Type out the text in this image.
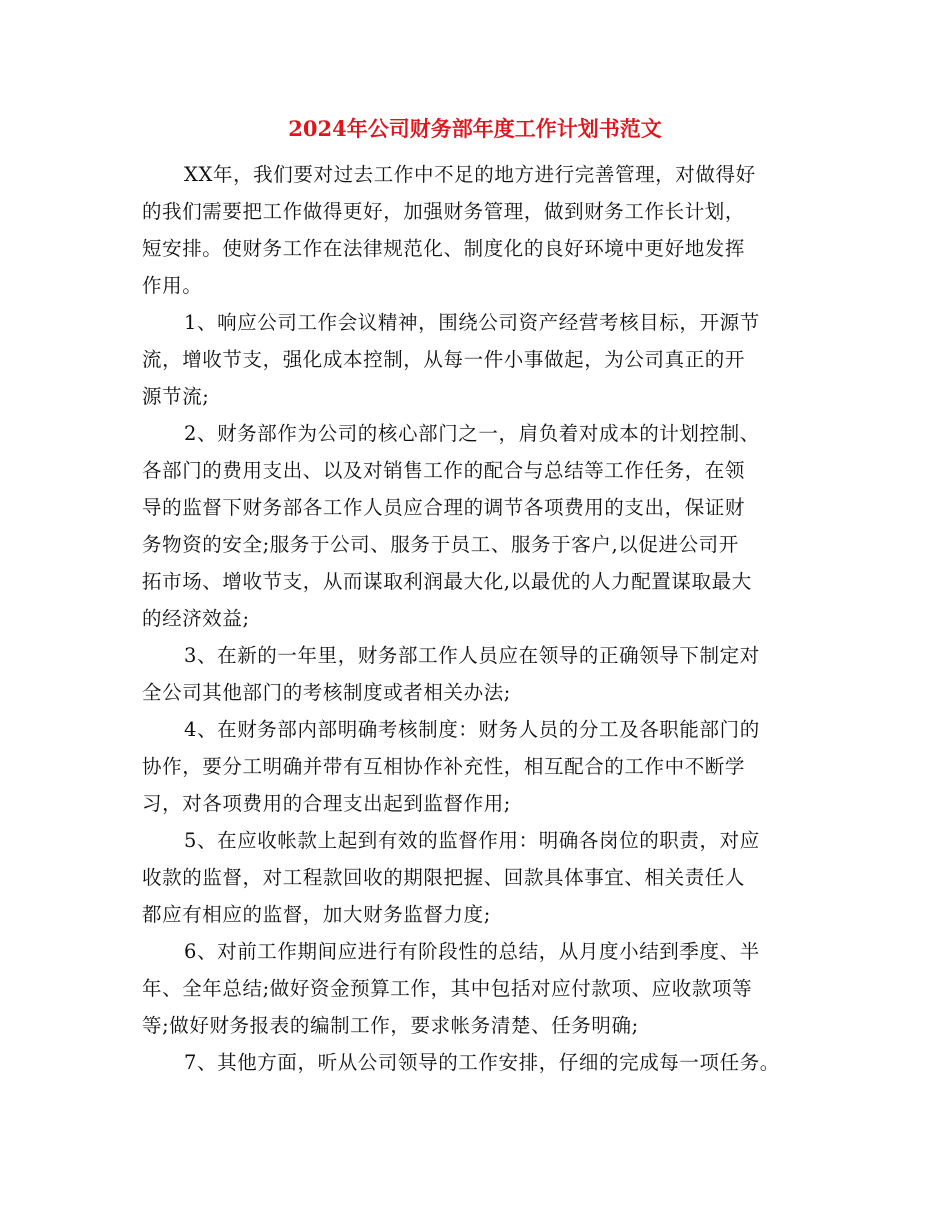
2024年公司财务部年度工作计划书范文
XX年，我们要对过去工作中不足的地方进行完善管理，对做得好
的我们需要把工作做得更好，加强财务管理，做到财务工作长计划，
短安排。使财务工作在法律规范化、制度化的良好环境中更好地发挥
作用。
1、响应公司工作会议精神，围绕公司资产经营考核目标，开源节
流，增收节支，强化成本控制，从每一件小事做起，为公司真正的开
源节流;
2、财务部作为公司的核心部门之一，肩负着对成本的计划控制、
各部门的费用支出、以及对销售工作的配合与总结等工作任务，在领
导的监督下财务部各工作人员应合理的调节各项费用的支出，保证财
务物资的安全;服务于公司、服务于员工、服务于客户,以促进公司开
拓市场、增收节支，从而谋取利润最大化,以最优的人力配置谋取最大
的经济效益;
3、在新的一年里，财务部工作人员应在领导的正确领导下制定对
全公司其他部门的考核制度或者相关办法;
4、在财务部内部明确考核制度：财务人员的分工及各职能部门的
协作，要分工明确并带有互相协作补充性，相互配合的工作中不断学
习，对各项费用的合理支出起到监督作用;
5、在应收帐款上起到有效的监督作用：明确各岗位的职责，对应
收款的监督，对工程款回收的期限把握、回款具体事宜、相关责任人
都应有相应的监督，加大财务监督力度;
6、对前工作期间应进行有阶段性的总结，从月度小结到季度、半
年、全年总结;做好资金预算工作，其中包括对应付款项、应收款项等
等;做好财务报表的编制工作，要求帐务清楚、任务明确;
7、其他方面，听从公司领导的工作安排，仔细的完成每一项任务。
